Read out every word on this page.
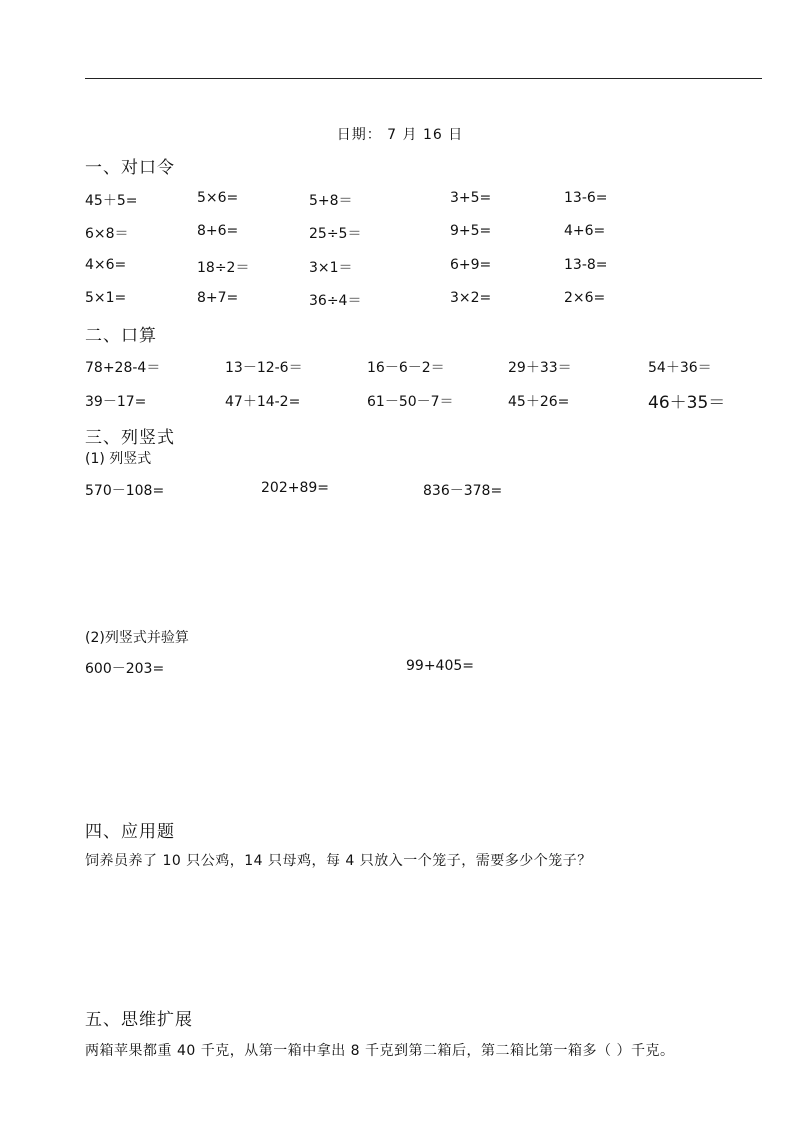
日期： 7 月 16 日
一、对口令
45＋5=	5×6=	5+8＝	3+5=	13-6=
6×8＝	8+6=	25÷5＝	9+5=	4+6=
4×6=	18÷2＝	3×1＝	6+9=	13-8=
5×1=	8+7=	36÷4＝	3×2=	2×6=
二、口算
78+28-4＝	13－12-6＝	16－6－2＝	29＋33＝	54＋36＝
39－17=	47＋14-2=	61－50－7＝	45＋26=	46＋35＝
三、列竖式
(1) 列竖式
570－108=	202+89=	836－378=
(2)列竖式并验算
600－203=	99+405=
四、应用题
饲养员养了 10 只公鸡，14 只母鸡，每 4 只放入一个笼子，需要多少个笼子？
五、思维扩展
两箱苹果都重 40 千克，从第一箱中拿出 8 千克到第二箱后，第二箱比第一箱多（ ）千克。
